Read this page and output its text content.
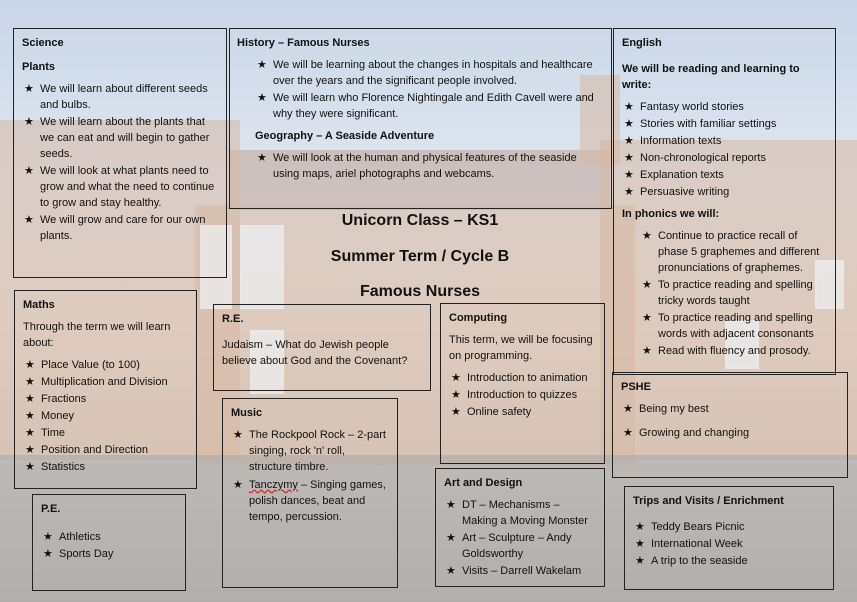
Science
Plants
★ We will learn about different seeds and bulbs.
★ We will learn about the plants that we can eat and will begin to gather seeds.
★ We will look at what plants need to grow and what the need to continue to grow and stay healthy.
★ We will grow and care for our own plants.
History – Famous Nurses
★ We will be learning about the changes in hospitals and healthcare over the years and the significant people involved.
★ We will learn who Florence Nightingale and Edith Cavell were and why they were significant.
Geography – A Seaside Adventure
★ We will look at the human and physical features of the seaside using maps, ariel photographs and webcams.
English
We will be reading and learning to write:
★ Fantasy world stories
★ Stories with familiar settings
★ Information texts
★ Non-chronological reports
★ Explanation texts
★ Persuasive writing
In phonics we will:
★ Continue to practice recall of phase 5 graphemes and different pronunciations of graphemes.
★ To practice reading and spelling tricky words taught
★ To practice reading and spelling words with adjacent consonants
★ Read with fluency and prosody.
Unicorn Class – KS1
Summer Term / Cycle B
Famous Nurses
Maths

Through the term we will learn about:

★ Place Value (to 100)
★ Multiplication and Division
★ Fractions
★ Money
★ Time
★ Position and Direction
★ Statistics
R.E.

Judaism – What do Jewish people believe about God and the Covenant?

Computing

This term, we will be focusing on programming.

★ Introduction to animation
★ Introduction to quizzes
★ Online safety
PSHE
★ Being my best
★ Growing and changing
Music
★ The Rockpool Rock – 2-part singing, rock 'n' roll, structure timbre.
★ Tanczymy – Singing games, polish dances, beat and tempo, percussion.
P.E.
★ Athletics
★ Sports Day
Art and Design
★ DT – Mechanisms – Making a Moving Monster
★ Art – Sculpture – Andy Goldsworthy
★ Visits – Darrell Wakelam
Trips and Visits / Enrichment
★ Teddy Bears Picnic
★ International Week
★ A trip to the seaside
